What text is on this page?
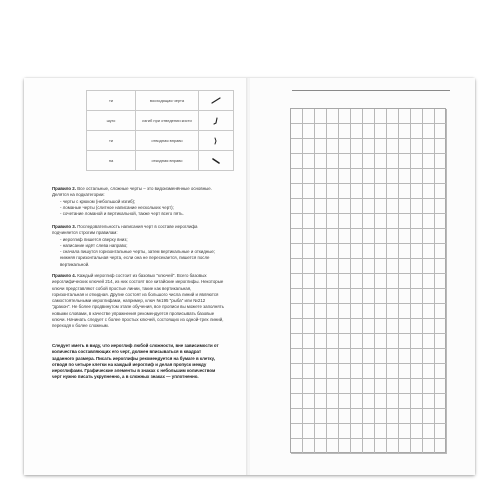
ти	восходящая черта	

шуго	изгиб при отведении кисти	

ти	отводная вправо	

на	откидная вправо	

Правило 2. Все остальные, сложные черты – это видоизменённые основные. Делятся на подкатегории:

- черты с крюком (небольшой изгиб);
- ломаные черты (слитное написание нескольких черт);
- сочетание ломаной и вертикальной, также черт всего пять.

Правило 3. Последовательность написания черт в составе иероглифа подчиняется строгим правилам:

- иероглиф пишется сверху вниз;
- написание идёт слева направо;
- сначала пишутся горизонтальные черты, затем вертикальные и откидные; нижняя горизонтальная черта, если она не пересекается, пишется после вертикальной.

Правило 4. Каждый иероглиф состоит из базовых "ключей". Всего базовых иероглифических ключей 214, из них состоят все китайские иероглифы. Некоторые ключи представляют собой простые линии, такие как вертикальная, горизонтальная и откидная. Другие состоят из большого числа линий и являются самостоятельными иероглифами, например, ключ №195 "рыба" или №212 "дракон". Не более продвинутом этапе обучения, все прописи вы можете заполнять новыми словами, в качестве упражнения рекомендуется прописывать базовые ключи. Начинать следует с более простых ключей, состоящих из одной-трех линий, переходя к более сложным.

Следует иметь в виду, что иероглиф любой сложности, вне зависимости от количества составляющих его черт, должен вписываться в квадрат заданного размера. Писать иероглифы рекомендуется на бумаге в клетку, отводя по четыре клетки на каждый иероглиф и делая пропуск между иероглифами. Графические элементы в знаках с небольшим количеством черт нужно писать укрупненно, а в сложных знаках — уплотненно.
